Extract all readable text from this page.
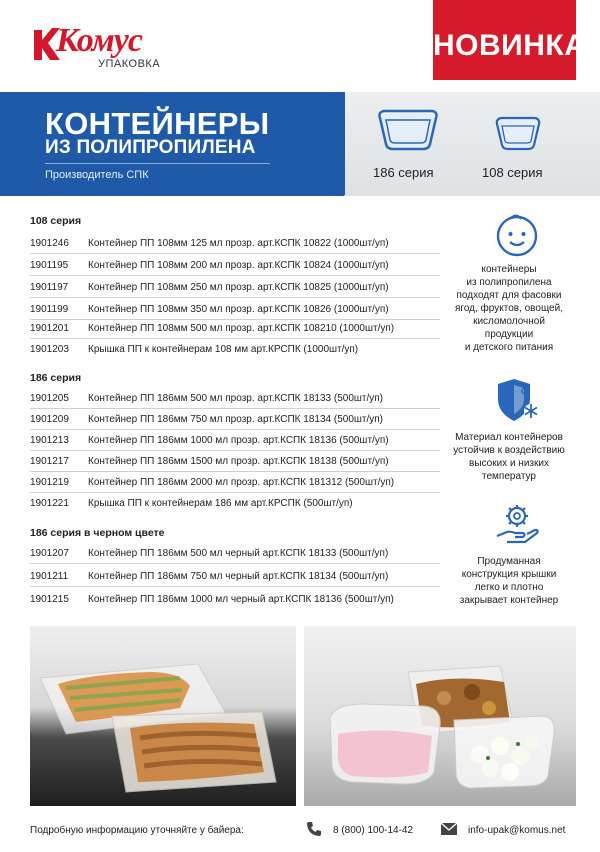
Комус
УПАКОВКА
НОВИНКА
КОНТЕЙНЕРЫ
ИЗ ПОЛИПРОПИЛЕНА
Производитель СПК	186 серия	108 серия
108 серия
1901246	Контейнер ПП 108мм 125 мл прозр. арт.КСПК 10822 (1000шт/уп)
1901195	Контейнер ПП 108мм 200 мл прозр. арт.КСПК 10824 (1000шт/уп)
1901197	Контейнер ПП 108мм 250 мл прозр. арт.КСПК 10825 (1000шт/уп)
1901199	Контейнер ПП 108мм 350 мл прозр. арт.КСПК 10826 (1000шт/уп)
1901201	Контейнер ПП 108мм 500 мл прозр. арт.КСПК 108210 (1000шт/уп)
1901203	Крышка ПП к контейнерам 108 мм арт.КРСПК (1000шт/уп)
186 серия
1901205	Контейнер ПП 186мм 500 мл прозр. арт.КСПК 18133 (500шт/уп)
1901209	Контейнер ПП 186мм 750 мл прозр. арт.КСПК 18134 (500шт/уп)
1901213	Контейнер ПП 186мм 1000 мл прозр. арт.КСПК 18136 (500шт/уп)
1901217	Контейнер ПП 186мм 1500 мл прозр. арт.КСПК 18138 (500шт/уп)
1901219	Контейнер ПП 186мм 2000 мл прозр. арт.КСПК 181312 (500шт/уп)
1901221	Крышка ПП к контейнерам 186 мм арт.КРСПК (500шт/уп)
186 серия в черном цвете
1901207	Контейнер ПП 186мм 500 мл черный арт.КСПК 18133 (500шт/уп)
1901211	Контейнер ПП 186мм 750 мл черный арт.КСПК 18134 (500шт/уп)
1901215	Контейнер ПП 186мм 1000 мл черный арт.КСПК 18136 (500шт/уп)
контейнеры
из полипропилена
подходят для фасовки
ягод, фруктов, овощей,
кисломолочной
продукции
и детского питания
Материал контейнеров
устойчив к воздействию
высоких и низких
температур
Продуманная
конструкция крышки
легко и плотно
закрывает контейнер
Подробную информацию уточняйте у байера:	8 (800) 100-14-42	info-upak@komus.net
